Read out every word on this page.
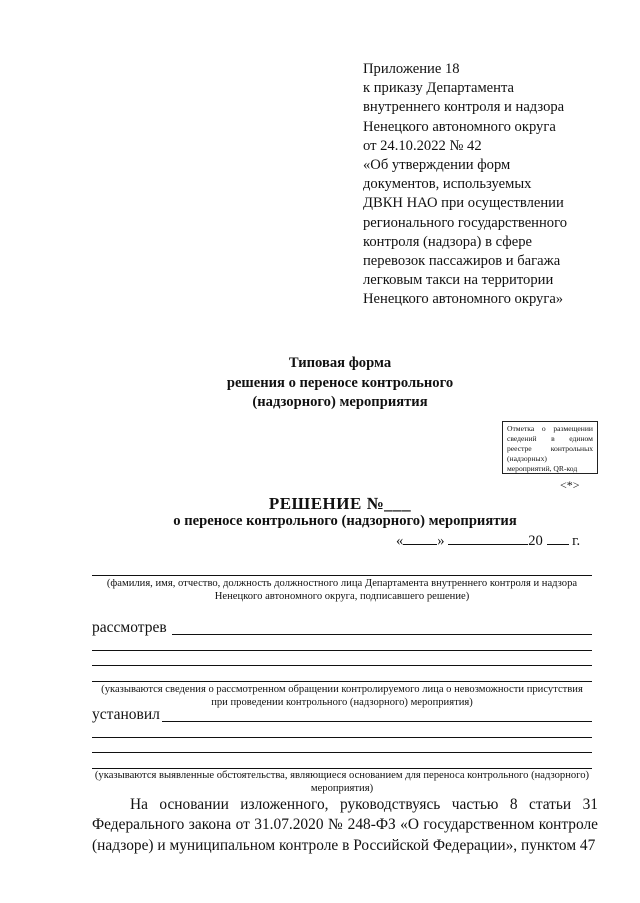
Приложение 18
к приказу Департамента
внутреннего контроля и надзора
Ненецкого автономного округа
от 24.10.2022 № 42
«Об утверждении форм
документов, используемых
ДВКН НАО при осуществлении
регионального государственного
контроля (надзора) в сфере
перевозок пассажиров и багажа
легковым такси на территории
Ненецкого автономного округа»
Типовая форма
решения о переносе контрольного
(надзорного) мероприятия
Отметка о размещении сведений в едином реестре контрольных (надзорных) мероприятий, QR-код
<*>
РЕШЕНИЕ №___
о переносе контрольного (надзорного) мероприятия
« »	20 г.
(фамилия, имя, отчество, должность должностного лица Департамента внутреннего контроля и надзора Ненецкого автономного округа, подписавшего решение)
рассмотрев
(указываются сведения о рассмотренном обращении контролируемого лица о невозможности присутствия при проведении контрольного (надзорного) мероприятия)
установил
(указываются выявленные обстоятельства, являющиеся основанием для переноса контрольного (надзорного) мероприятия)
На основании изложенного, руководствуясь частью 8 статьи 31 Федерального закона от 31.07.2020 № 248-ФЗ «О государственном контроле (надзоре) и муниципальном контроле в Российской Федерации», пунктом 47
